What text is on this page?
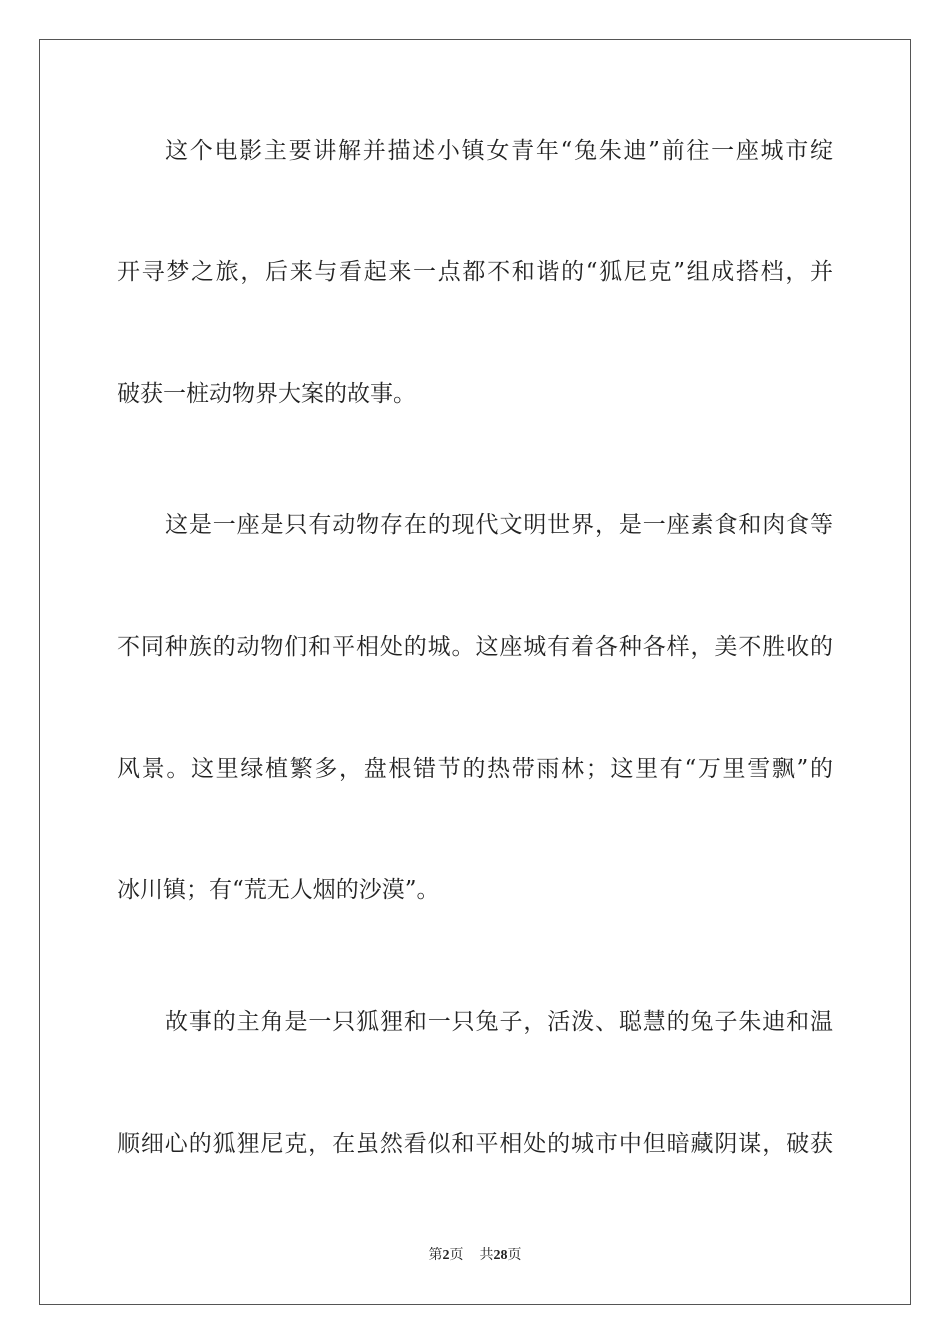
这个电影主要讲解并描述小镇女青年“兔朱迪”前往一座城市绽
开寻梦之旅，后来与看起来一点都不和谐的“狐尼克”组成搭档，并
破获一桩动物界大案的故事。
这是一座是只有动物存在的现代文明世界，是一座素食和肉食等
不同种族的动物们和平相处的城。这座城有着各种各样，美不胜收的
风景。这里绿植繁多，盘根错节的热带雨林；这里有“万里雪飘”的
冰川镇；有“荒无人烟的沙漠”。
故事的主角是一只狐狸和一只兔子，活泼、聪慧的兔子朱迪和温
顺细心的狐狸尼克，在虽然看似和平相处的城市中但暗藏阴谋，破获
第2页 共28页
